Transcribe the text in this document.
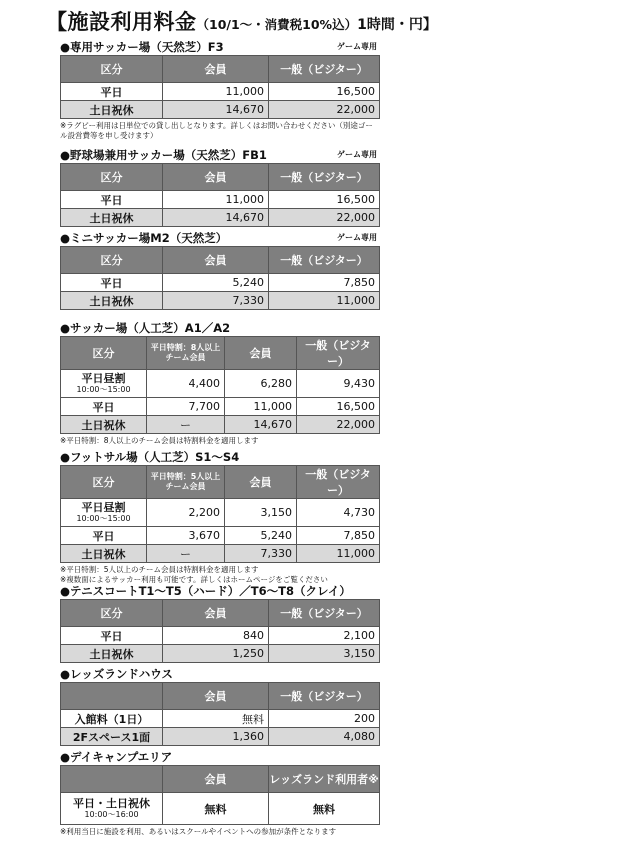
【施設利用料金（10/1～・消費税10%込）1時間・円】
●専用サッカー場（天然芝）F3	ゲーム専用
区分	会員	一般（ビジター）
平日	11,000	16,500
土日祝休	14,670	22,000
※ラグビー利用は日単位での貸し出しとなります。詳しくはお問い合わせください（別途ゴール設営費等を申し受けます）
●野球場兼用サッカー場（天然芝）FB1	ゲーム専用
区分	会員	一般（ビジター）
平日	11,000	16,500
土日祝休	14,670	22,000
●ミニサッカー場M2（天然芝）	ゲーム専用
区分	会員	一般（ビジター）
平日	5,240	7,850
土日祝休	7,330	11,000
●サッカー場（人工芝）A1／A2
区分	平日特割：8人以上チーム会員	会員	一般（ビジター）
平日昼割
10:00～15:00	4,400	6,280	9,430
平日	7,700	11,000	16,500
土日祝休	ー	14,670	22,000
※平日特割：8人以上のチーム会員は特割料金を適用します
●フットサル場（人工芝）S1～S4
区分	平日特割：5人以上チーム会員	会員	一般（ビジター）
平日昼割
10:00～15:00	2,200	3,150	4,730
平日	3,670	5,240	7,850
土日祝休	ー	7,330	11,000
※平日特割：5人以上のチーム会員は特割料金を適用します
※複数面によるサッカー利用も可能です。詳しくはホームページをご覧ください
●テニスコートT1～T5（ハード）／T6～T8（クレイ）
区分	会員	一般（ビジター）
平日	840	2,100
土日祝休	1,250	3,150
●レッズランドハウス
	会員	一般（ビジター）
入館料（1日）	無料	200
2Fスペース1面	1,360	4,080
●デイキャンプエリア
	会員	レッズランド利用者※
平日・土日祝休
10:00～16:00	無料	無料
※利用当日に施設を利用、あるいはスクールやイベントへの参加が条件となります
